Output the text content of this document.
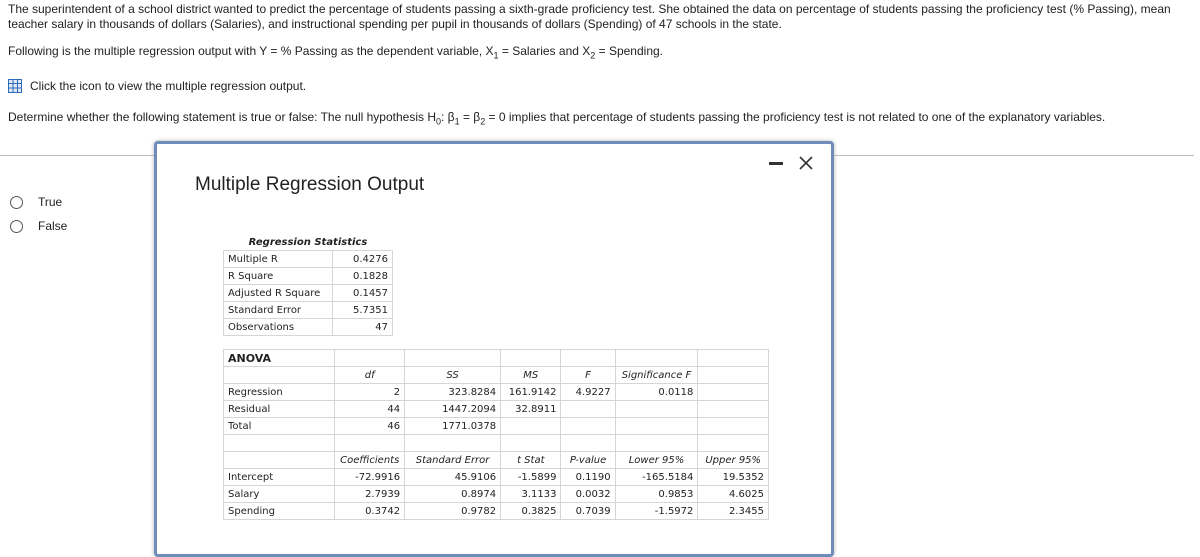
The superintendent of a school district wanted to predict the percentage of students passing a sixth-grade proficiency test. She obtained the data on percentage of students passing the proficiency test (% Passing), mean teacher salary in thousands of dollars (Salaries), and instructional spending per pupil in thousands of dollars (Spending) of 47 schools in the state.
Following is the multiple regression output with Y = % Passing as the dependent variable, $X_1$ = Salaries and $X_2$ = Spending.
Click the icon to view the multiple regression output.
Determine whether the following statement is true or false: The null hypothesis $H_0$: $\beta_1 = \beta_2 = 0$ implies that percentage of students passing the proficiency test is not related to one of the explanatory variables.
True
False
Multiple Regression Output
Regression Statistics	
Multiple R	0.4276
R Square	0.1828
Adjusted R Square	0.1457
Standard Error	5.7351
Observations	47
ANOVA						
	df	SS	MS	F	Significance F	
Regression	2	323.8284	161.9142	4.9227	0.0118	
Residual	44	1447.2094	32.8911			
Total	46	1771.0378				

	Coefficients	Standard Error	t Stat	P-value	Lower 95%	Upper 95%
Intercept	-72.9916	45.9106	-1.5899	0.1190	-165.5184	19.5352
Salary	2.7939	0.8974	3.1133	0.0032	0.9853	4.6025
Spending	0.3742	0.9782	0.3825	0.7039	-1.5972	2.3455
